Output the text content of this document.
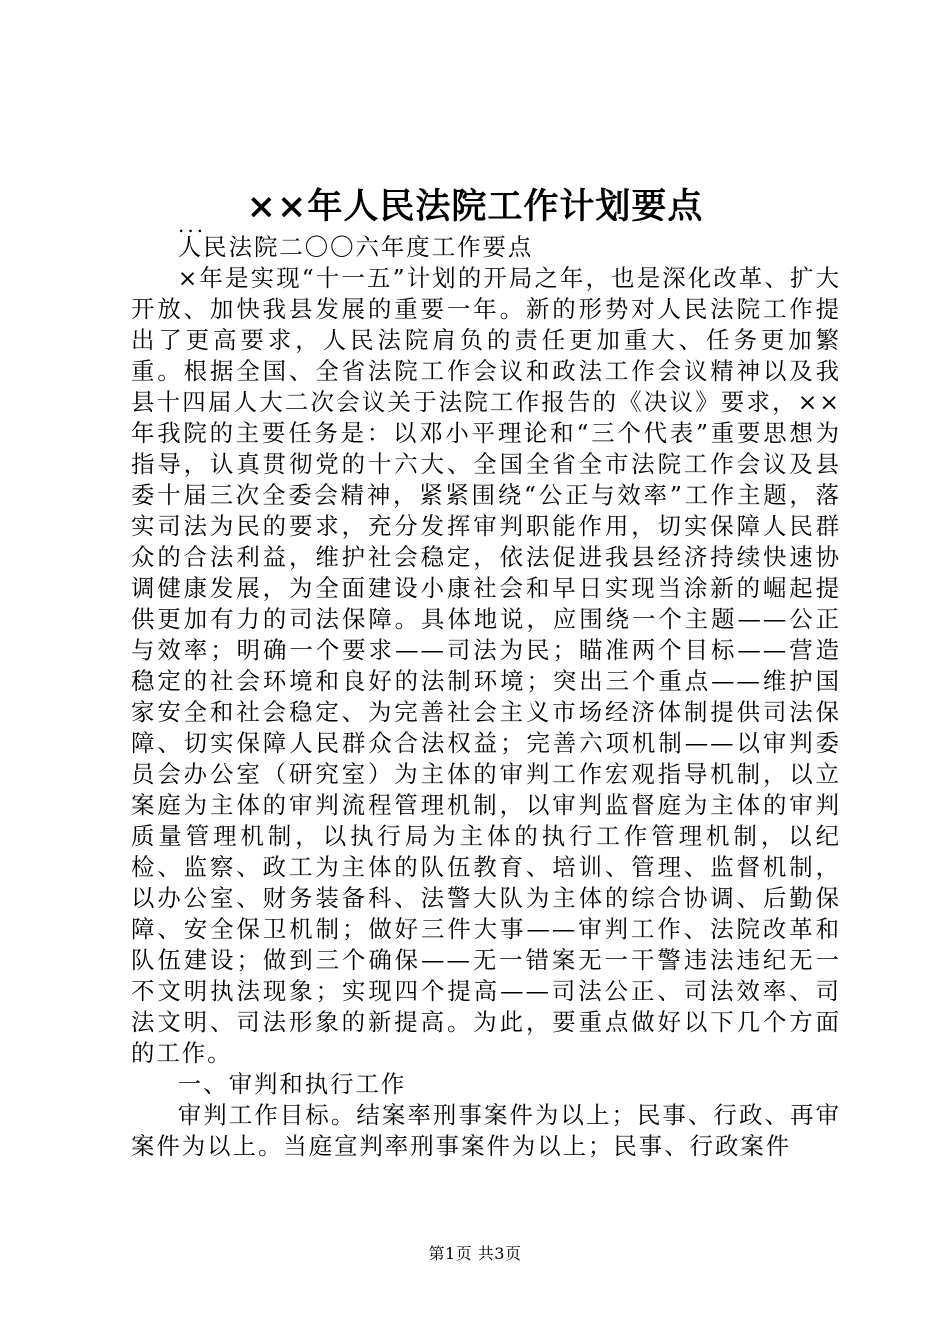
××年人民法院工作计划要点
...

人民法院二〇〇六年度工作要点

×年是实现“十一五”计划的开局之年，也是深化改革、扩大开放、加快我县发展的重要一年。新的形势对人民法院工作提出了更高要求，人民法院肩负的责任更加重大、任务更加繁重。根据全国、全省法院工作会议和政法工作会议精神以及我县十四届人大二次会议关于法院工作报告的《决议》要求，××年我院的主要任务是：以邓小平理论和“三个代表”重要思想为指导，认真贯彻党的十六大、全国全省全市法院工作会议及县委十届三次全委会精神，紧紧围绕“公正与效率”工作主题，落实司法为民的要求，充分发挥审判职能作用，切实保障人民群众的合法利益，维护社会稳定，依法促进我县经济持续快速协调健康发展，为全面建设小康社会和早日实现当涂新的崛起提供更加有力的司法保障。具体地说，应围绕一个主题——公正与效率；明确一个要求——司法为民；瞄准两个目标——营造稳定的社会环境和良好的法制环境；突出三个重点——维护国家安全和社会稳定、为完善社会主义市场经济体制提供司法保障、切实保障人民群众合法权益；完善六项机制——以审判委员会办公室（研究室）为主体的审判工作宏观指导机制，以立案庭为主体的审判流程管理机制，以审判监督庭为主体的审判质量管理机制，以执行局为主体的执行工作管理机制，以纪检、监察、政工为主体的队伍教育、培训、管理、监督机制，以办公室、财务装备科、法警大队为主体的综合协调、后勤保障、安全保卫机制；做好三件大事——审判工作、法院改革和队伍建设；做到三个确保——无一错案无一干警违法违纪无一不文明执法现象；实现四个提高——司法公正、司法效率、司法文明、司法形象的新提高。为此，要重点做好以下几个方面的工作。

一、审判和执行工作

审判工作目标。结案率刑事案件为以上；民事、行政、再审案件为以上。当庭宣判率刑事案件为以上；民事、行政案件

第1页 共3页
